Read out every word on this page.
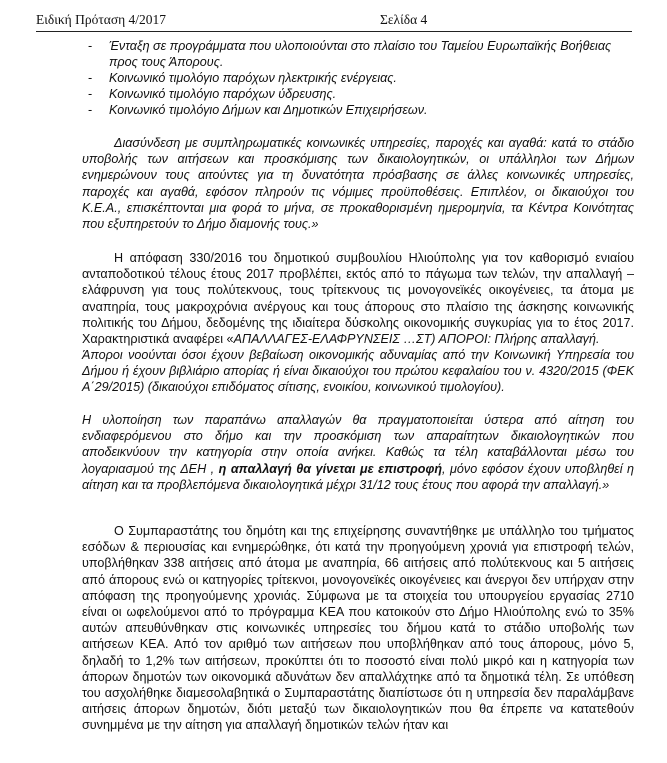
Ειδική Πρόταση 4/2017	Σελίδα 4
- Ένταξη σε προγράμματα που υλοποιούνται στο πλαίσιο του Ταμείου Ευρωπαϊκής Βοήθειας προς τους Άπορους.
- Κοινωνικό τιμολόγιο παρόχων ηλεκτρικής ενέργειας.
- Κοινωνικό τιμολόγιο παρόχων ύδρευσης.
- Κοινωνικό τιμολόγιο Δήμων και Δημοτικών Επιχειρήσεων.

Διασύνδεση με συμπληρωματικές κοινωνικές υπηρεσίες, παροχές και αγαθά: κατά το στάδιο υποβολής των αιτήσεων και προσκόμισης των δικαιολογητικών, οι υπάλληλοι των Δήμων ενημερώνουν τους αιτούντες για τη δυνατότητα πρόσβασης σε άλλες κοινωνικές υπηρεσίες, παροχές και αγαθά, εφόσον πληρούν τις νόμιμες προϋποθέσεις. Επιπλέον, οι δικαιούχοι του Κ.Ε.Α., επισκέπτονται μια φορά το μήνα, σε προκαθορισμένη ημερομηνία, τα Κέντρα Κοινότητας που εξυπηρετούν το Δήμο διαμονής τους.»

Η απόφαση 330/2016 του δημοτικού συμβουλίου Ηλιούπολης για τον καθορισμό ενιαίου ανταποδοτικού τέλους έτους 2017 προβλέπει, εκτός από το πάγωμα των τελών, την απαλλαγή – ελάφρυνση για τους πολύτεκνους, τους τρίτεκνους τις μονογονεϊκές οικογένειες, τα άτομα με αναπηρία, τους μακροχρόνια ανέργους και τους άπορους στο πλαίσιο της άσκησης κοινωνικής πολιτικής του Δήμου, δεδομένης της ιδιαίτερα δύσκολης οικονομικής συγκυρίας για το έτος 2017. Χαρακτηριστικά αναφέρει «ΑΠΑΛΛΑΓΕΣ-ΕΛΑΦΡΥΝΣΕΙΣ …ΣΤ) ΑΠΟΡΟΙ: Πλήρης απαλλαγή.

Άποροι νοούνται όσοι έχουν βεβαίωση οικονομικής αδυναμίας από την Κοινωνική Υπηρεσία του Δήμου ή έχουν βιβλιάριο απορίας ή είναι δικαιούχοι του πρώτου κεφαλαίου του ν. 4320/2015 (ΦΕΚ Α΄29/2015) (δικαιούχοι επιδόματος σίτισης, ενοικίου, κοινωνικού τιμολογίου).

Η υλοποίηση των παραπάνω απαλλαγών θα πραγματοποιείται ύστερα από αίτηση του ενδιαφερόμενου στο δήμο και την προσκόμιση των απαραίτητων δικαιολογητικών που αποδεικνύουν την κατηγορία στην οποία ανήκει. Καθώς τα τέλη καταβάλλονται μέσω του λογαριασμού της ΔΕΗ , η απαλλαγή θα γίνεται με επιστροφή, μόνο εφόσον έχουν υποβληθεί η αίτηση και τα προβλεπόμενα δικαιολογητικά μέχρι 31/12 τους έτους που αφορά την απαλλαγή.»

Ο Συμπαραστάτης του δημότη και της επιχείρησης συναντήθηκε με υπάλληλο του τμήματος εσόδων & περιουσίας και ενημερώθηκε, ότι κατά την προηγούμενη χρονιά για επιστροφή τελών, υποβλήθηκαν 338 αιτήσεις από άτομα με αναπηρία, 66 αιτήσεις από πολύτεκνους και 5 αιτήσεις από άπορους ενώ οι κατηγορίες τρίτεκνοι, μονογονεϊκές οικογένειες και άνεργοι δεν υπήρχαν στην απόφαση της προηγούμενης χρονιάς. Σύμφωνα με τα στοιχεία του υπουργείου εργασίας 2710 είναι οι ωφελούμενοι από το πρόγραμμα ΚΕΑ που κατοικούν στο Δήμο Ηλιούπολης ενώ το 35% αυτών απευθύνθηκαν στις κοινωνικές υπηρεσίες του δήμου κατά το στάδιο υποβολής των αιτήσεων ΚΕΑ. Από τον αριθμό των αιτήσεων που υποβλήθηκαν από τους άπορους, μόνο 5, δηλαδή το 1,2% των αιτήσεων, προκύπτει ότι το ποσοστό είναι πολύ μικρό και η κατηγορία των άπορων δημοτών των οικονομικά αδυνάτων δεν απαλλάχτηκε από τα δημοτικά τέλη. Σε υπόθεση του ασχολήθηκε διαμεσολαβητικά ο Συμπαραστάτης διαπίστωσε ότι η υπηρεσία δεν παραλάμβανε αιτήσεις άπορων δημοτών, διότι μεταξύ των δικαιολογητικών που θα έπρεπε να κατατεθούν συνημμένα με την αίτηση για απαλλαγή δημοτικών τελών ήταν και
